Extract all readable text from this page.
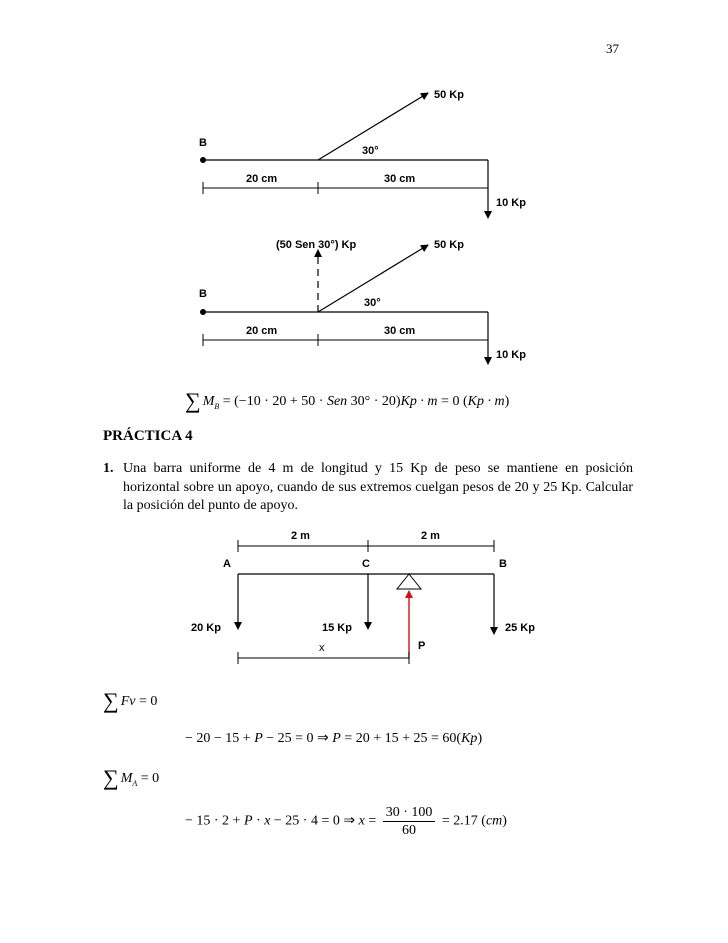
37
B
50 Kp
30°
20 cm	30 cm
10 Kp
(50 Sen 30°) Kp	50 Kp
B
30°
20 cm	30 cm
10 Kp
∑ $M_B = (-10 \cdot 20 + 50$ · Sen 30° · 20)Kp · m = 0 (Kp · m)
PRÁCTICA 4
1. Una barra uniforme de 4 m de longitud y 15 Kp de peso se mantiene en posición horizontal sobre un apoyo, cuando de sus extremos cuelgan pesos de 20 y 25 Kp. Calcular la posición del punto de apoyo.
2 m	2 m
A	C	B
20 Kp	15 Kp	25 Kp
P
x
∑ Fv = 0
− 20 − 15 + P − 25 = 0 ⇒ P = 20 + 15 + 25 = 60(Kp)
∑ $M_A = 0$
− 15 · 2 + P · x − 25 · 4 = 0 ⇒ $x = \frac{30 \cdot 100}{60} = 2.17$ (cm)
